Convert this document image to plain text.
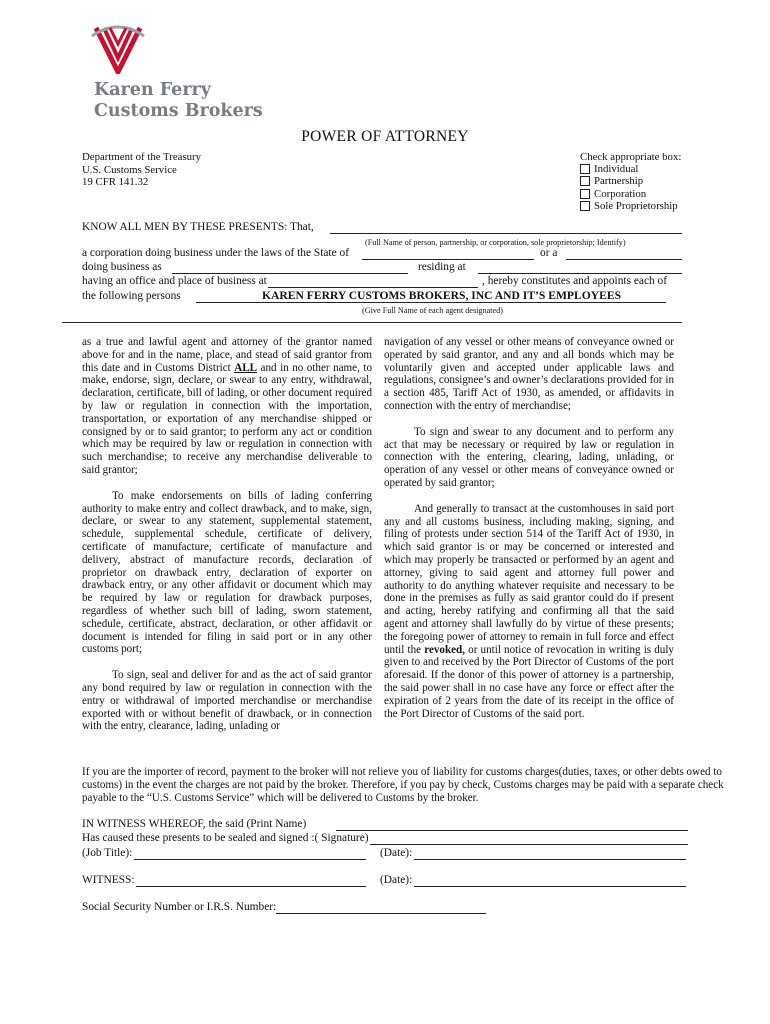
Karen Ferry
Customs Brokers
POWER OF ATTORNEY
Department of the Treasury
U.S. Customs Service
19 CFR 141.32
Check appropriate box:
Individual
Partnership
Corporation
Sole Proprietorship
KNOW ALL MEN BY THESE PRESENTS: That,
(Full Name of person, partnership, or corporation, sole proprietorship; Identify)
a corporation doing business under the laws of the State of	or a
doing business as	residing at
having an office and place of business at	, hereby constitutes and appoints each of
the following persons	KAREN FERRY CUSTOMS BROKERS, INC AND IT’S EMPLOYEES
(Give Full Name of each agent designated)

as a true and lawful agent and attorney of the grantor named above for and in the name, place, and stead of said grantor from this date and in Customs District ALL and in no other name, to make, endorse, sign, declare, or swear to any entry, withdrawal, declaration, certificate, bill of lading, or other document required by law or regulation in connection with the importation, transportation, or exportation of any merchandise shipped or consigned by or to said grantor; to perform any act or condition which may be required by law or regulation in connection with such merchandise; to receive any merchandise deliverable to said grantor;

To make endorsements on bills of lading conferring authority to make entry and collect drawback, and to make, sign, declare, or swear to any statement, supplemental statement, schedule, supplemental schedule, certificate of delivery, certificate of manufacture, certificate of manufacture and delivery, abstract of manufacture records, declaration of proprietor on drawback entry, declaration of exporter on drawback entry, or any other affidavit or document which may be required by law or regulation for drawback purposes, regardless of whether such bill of lading, sworn statement, schedule, certificate, abstract, declaration, or other affidavit or document is intended for filing in said port or in any other customs port;

To sign, seal and deliver for and as the act of said grantor any bond required by law or regulation in connection with the entry or withdrawal of imported merchandise or merchandise exported with or without benefit of drawback, or in connection with the entry, clearance, lading, unlading or

navigation of any vessel or other means of conveyance owned or operated by said grantor, and any and all bonds which may be voluntarily given and accepted under applicable laws and regulations, consignee’s and owner’s declarations provided for in a section 485, Tariff Act of 1930, as amended, or affidavits in connection with the entry of merchandise;

To sign and swear to any document and to perform any act that may be necessary or required by law or regulation in connection with the entering, clearing, lading, unlading, or operation of any vessel or other means of conveyance owned or operated by said grantor;

And generally to transact at the customhouses in said port any and all customs business, including making, signing, and filing of protests under section 514 of the Tariff Act of 1930, in which said grantor is or may be concerned or interested and which may properly be transacted or performed by an agent and attorney, giving to said agent and attorney full power and authority to do anything whatever requisite and necessary to be done in the premises as fully as said grantor could do if present and acting, hereby ratifying and confirming all that the said agent and attorney shall lawfully do by virtue of these presents; the foregoing power of attorney to remain in full force and effect until the revoked, or until notice of revocation in writing is duly given to and received by the Port Director of Customs of the port aforesaid. If the donor of this power of attorney is a partnership, the said power shall in no case have any force or effect after the expiration of 2 years from the date of its receipt in the office of the Port Director of Customs of the said port.

If you are the importer of record, payment to the broker will not relieve you of liability for customs charges(duties, taxes, or other debts owed to customs) in the event the charges are not paid by the broker. Therefore, if you pay by check, Customs charges may be paid with a separate check payable to the “U.S. Customs Service” which will be delivered to Customs by the broker.
IN WITNESS WHEREOF, the said (Print Name)
Has caused these presents to be sealed and signed :( Signature)
(Job Title):	(Date):
WITNESS:	(Date):
Social Security Number or I.R.S. Number:
